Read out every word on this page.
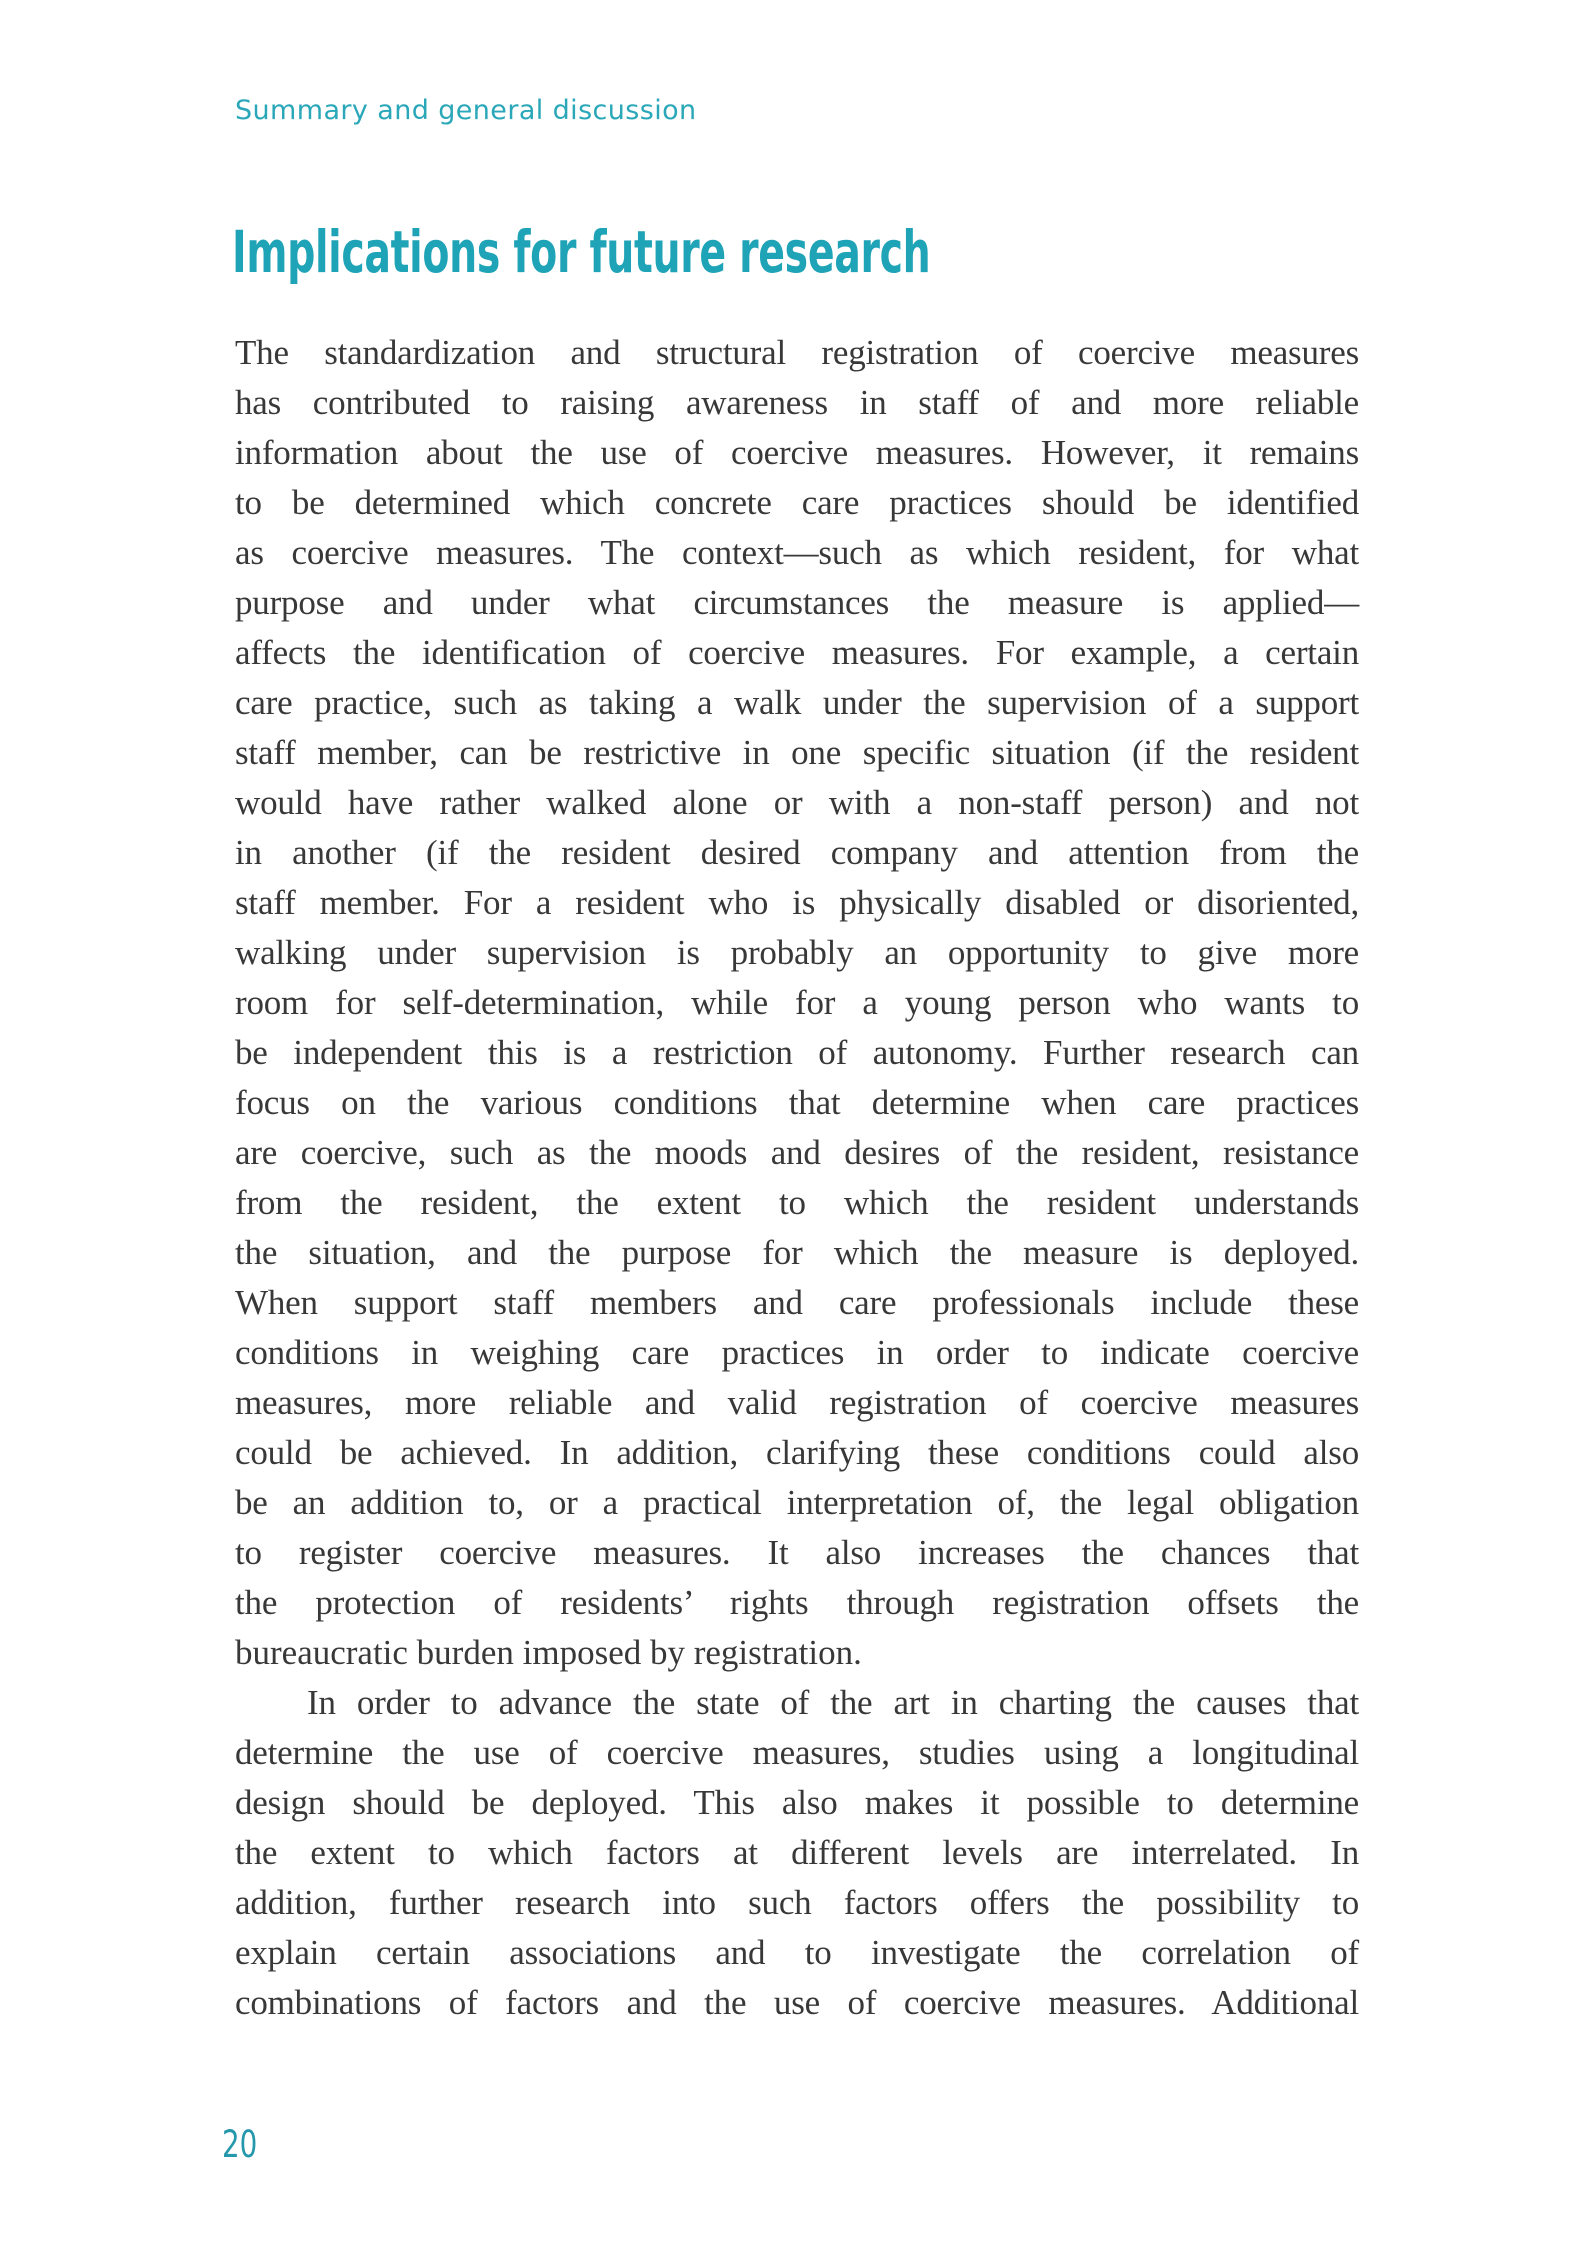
Summary and general discussion
Implications for future research
The standardization and structural registration of coercive measures
has contributed to raising awareness in staff of and more reliable
information about the use of coercive measures. However, it remains
to be determined which concrete care practices should be identified
as coercive measures. The context—such as which resident, for what
purpose and under what circumstances the measure is applied—
affects the identification of coercive measures. For example, a certain
care practice, such as taking a walk under the supervision of a support
staff member, can be restrictive in one specific situation (if the resident
would have rather walked alone or with a non-staff person) and not
in another (if the resident desired company and attention from the
staff member. For a resident who is physically disabled or disoriented,
walking under supervision is probably an opportunity to give more
room for self-determination, while for a young person who wants to
be independent this is a restriction of autonomy. Further research can
focus on the various conditions that determine when care practices
are coercive, such as the moods and desires of the resident, resistance
from the resident, the extent to which the resident understands
the situation, and the purpose for which the measure is deployed.
When support staff members and care professionals include these
conditions in weighing care practices in order to indicate coercive
measures, more reliable and valid registration of coercive measures
could be achieved. In addition, clarifying these conditions could also
be an addition to, or a practical interpretation of, the legal obligation
to register coercive measures. It also increases the chances that
the protection of residents’ rights through registration offsets the
bureaucratic burden imposed by registration.
In order to advance the state of the art in charting the causes that
determine the use of coercive measures, studies using a longitudinal
design should be deployed. This also makes it possible to determine
the extent to which factors at different levels are interrelated. In
addition, further research into such factors offers the possibility to
explain certain associations and to investigate the correlation of
combinations of factors and the use of coercive measures. Additional
20
